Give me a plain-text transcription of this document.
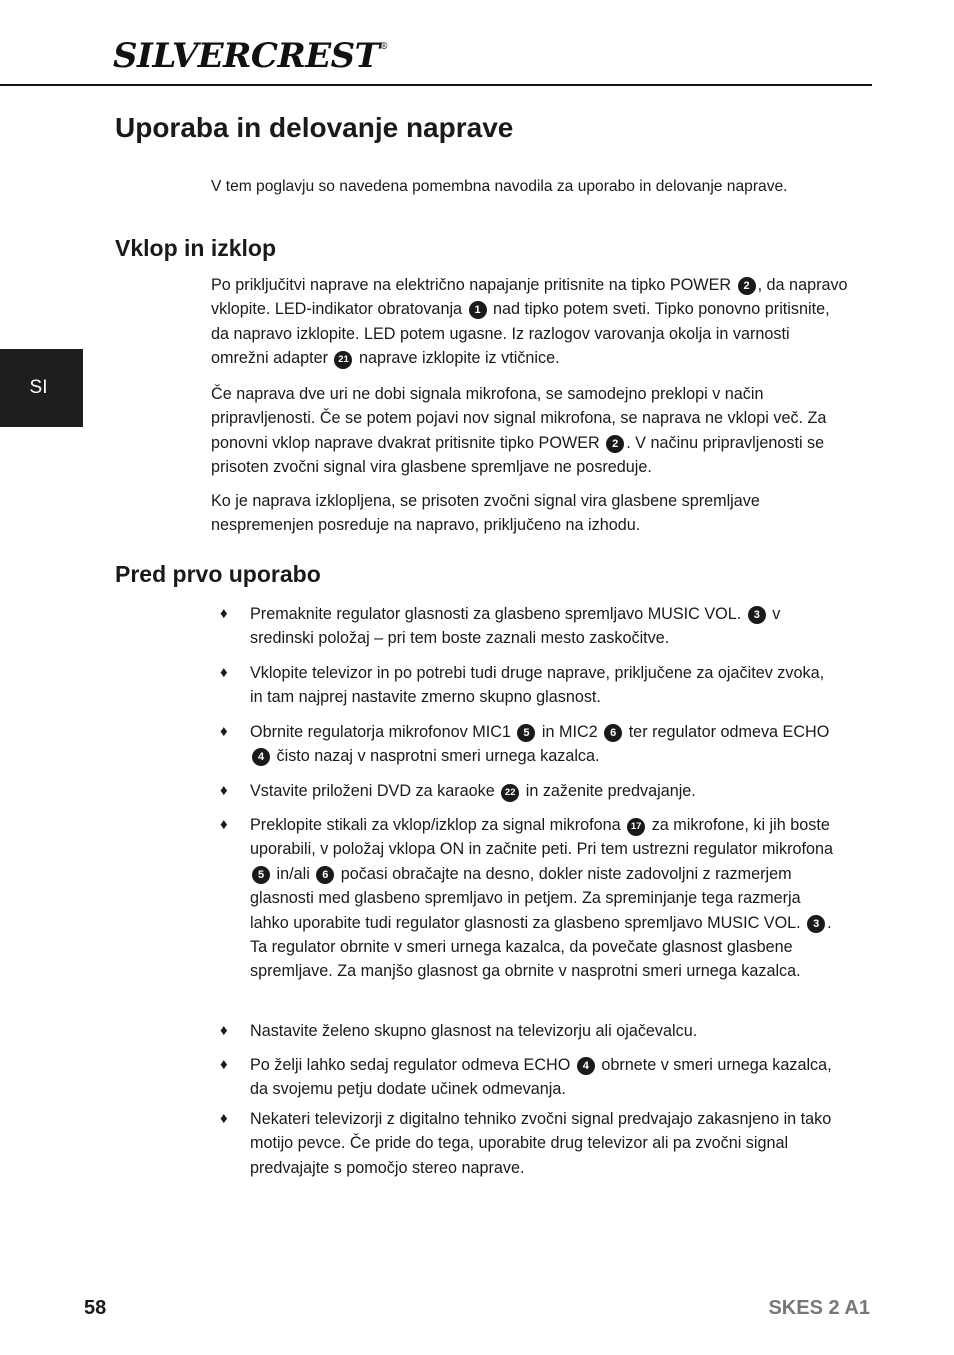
SILVERCREST®
SI
Uporaba in delovanje naprave

V tem poglavju so navedena pomembna navodila za uporabo in delovanje naprave.

Vklop in izklop

Po priključitvi naprave na električno napajanje pritisnite na tipko POWER 2 , da napravo vklopite. LED-indikator obratovanja 1 nad tipko potem sveti. Tipko ponovno pritisnite, da napravo izklopite. LED potem ugasne. Iz razlogov varovanja okolja in varnosti omrežni adapter 21 naprave izklopite iz vtičnice.

Če naprava dve uri ne dobi signala mikrofona, se samodejno preklopi v način pripravljenosti. Če se potem pojavi nov signal mikrofona, se naprava ne vklopi več. Za ponovni vklop naprave dvakrat pritisnite tipko POWER 2 . V načinu pripravljenosti se prisoten zvočni signal vira glasbene spremljave ne posreduje.

Ko je naprava izklopljena, se prisoten zvočni signal vira glasbene spremljave nespremenjen posreduje na napravo, priključeno na izhodu.

Pred prvo uporabo
♦ Premaknite regulator glasnosti za glasbeno spremljavo MUSIC VOL. 3 v sredinski položaj – pri tem boste zaznali mesto zaskočitve.
♦ Vklopite televizor in po potrebi tudi druge naprave, priključene za ojačitev zvoka, in tam najprej nastavite zmerno skupno glasnost.
♦ Obrnite regulatorja mikrofonov MIC1 5 in MIC2 6 ter regulator odmeva ECHO 4 čisto nazaj v nasprotni smeri urnega kazalca.
♦ Vstavite priloženi DVD za karaoke 22 in zaženite predvajanje.
♦ Preklopite stikali za vklop/izklop za signal mikrofona 17 za mikrofone, ki jih boste uporabili, v položaj vklopa ON in začnite peti. Pri tem ustrezni regulator mikrofona 5 in/ali 6 počasi obračajte na desno, dokler niste zadovoljni z razmerjem glasnosti med glasbeno spremljavo in petjem. Za spreminjanje tega razmerja lahko uporabite tudi regulator glasnosti za glasbeno spremljavo MUSIC VOL. 3 . Ta regulator obrnite v smeri urnega kazalca, da povečate glasnost glasbene spremljave. Za manjšo glasnost ga obrnite v nasprotni smeri urnega kazalca.
♦ Nastavite želeno skupno glasnost na televizorju ali ojačevalcu.
♦ Po želji lahko sedaj regulator odmeva ECHO 4 obrnete v smeri urnega kazalca, da svojemu petju dodate učinek odmevanja.
♦ Nekateri televizorji z digitalno tehniko zvočni signal predvajajo zakasnjeno in tako motijo pevce. Če pride do tega, uporabite drug televizor ali pa zvočni signal predvajajte s pomočjo stereo naprave.
58	SKES 2 A1
